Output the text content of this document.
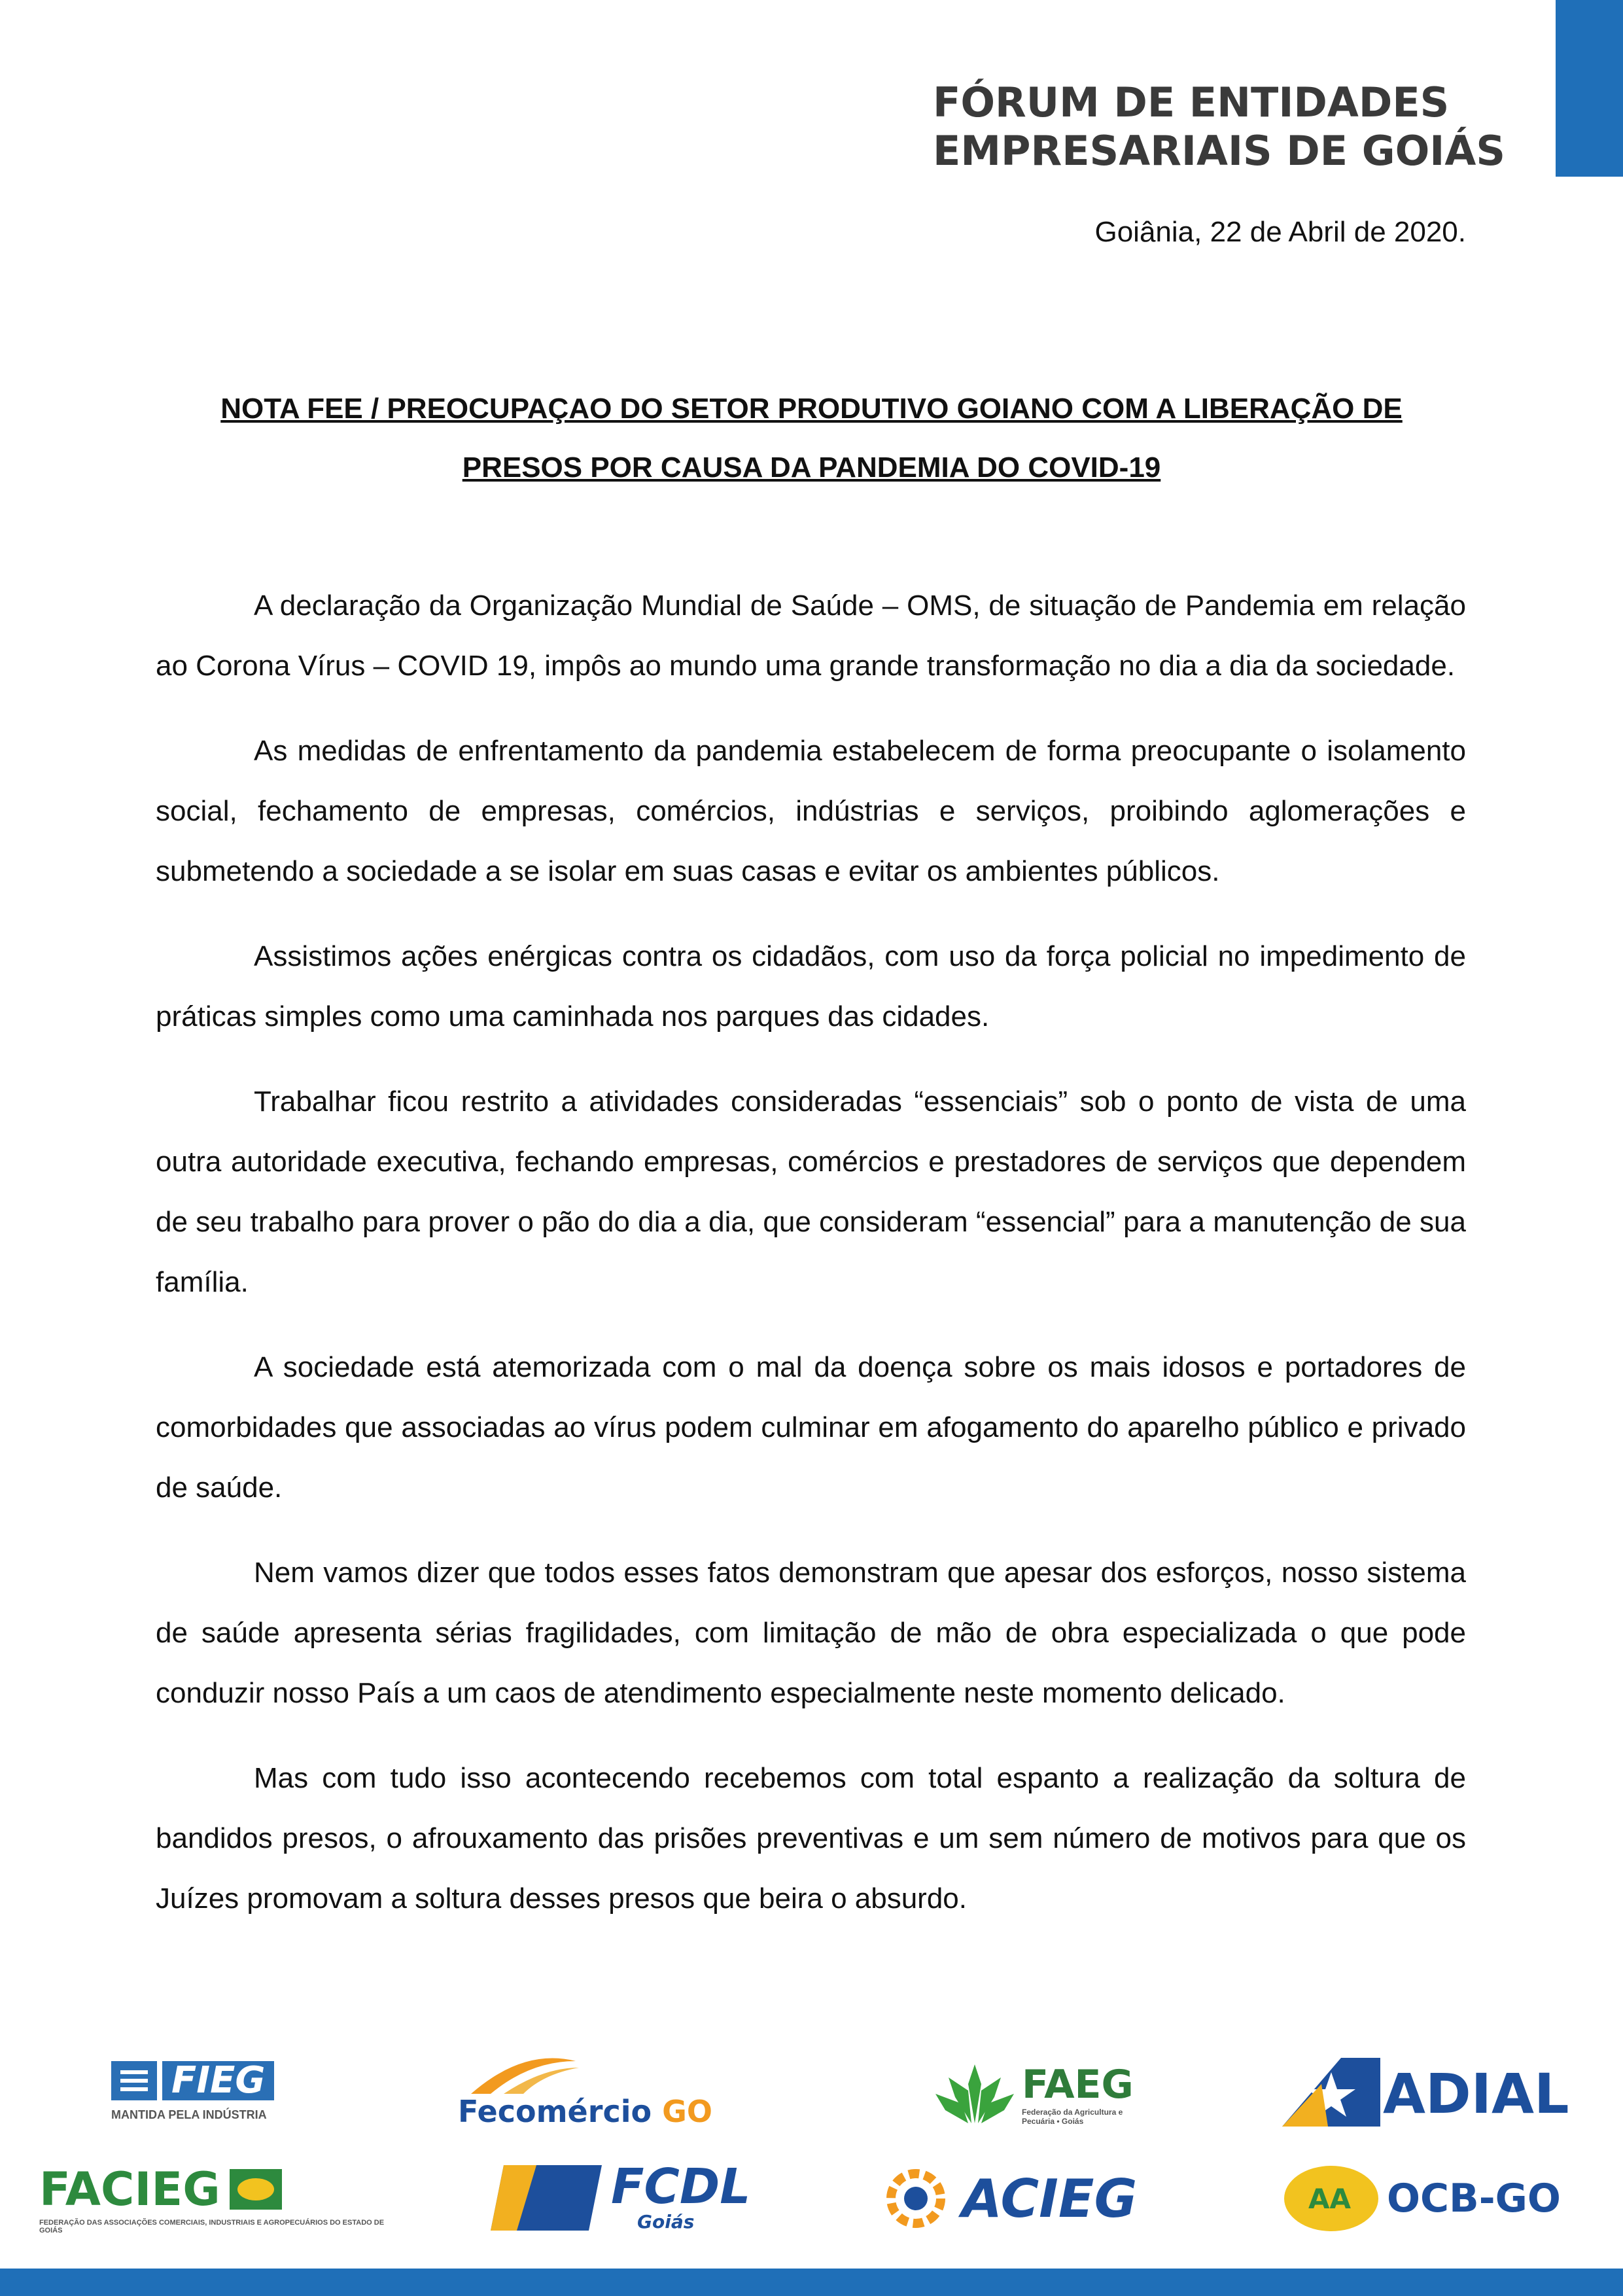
FÓRUM DE ENTIDADES
EMPRESARIAIS DE GOIÁS
Goiânia, 22 de Abril de 2020.
NOTA FEE / PREOCUPAÇAO DO SETOR PRODUTIVO GOIANO COM A LIBERAÇÃO DE PRESOS POR CAUSA DA PANDEMIA DO COVID-19

A declaração da Organização Mundial de Saúde – OMS, de situação de Pandemia em relação ao Corona Vírus – COVID 19, impôs ao mundo uma grande transformação no dia a dia da sociedade.

As medidas de enfrentamento da pandemia estabelecem de forma preocupante o isolamento social, fechamento de empresas, comércios, indústrias e serviços, proibindo aglomerações e submetendo a sociedade a se isolar em suas casas e evitar os ambientes públicos.

Assistimos ações enérgicas contra os cidadãos, com uso da força policial no impedimento de práticas simples como uma caminhada nos parques das cidades.

Trabalhar ficou restrito a atividades consideradas “essenciais” sob o ponto de vista de uma outra autoridade executiva, fechando empresas, comércios e prestadores de serviços que dependem de seu trabalho para prover o pão do dia a dia, que consideram “essencial” para a manutenção de sua família.

A sociedade está atemorizada com o mal da doença sobre os mais idosos e portadores de comorbidades que associadas ao vírus podem culminar em afogamento do aparelho público e privado de saúde.

Nem vamos dizer que todos esses fatos demonstram que apesar dos esforços, nosso sistema de saúde apresenta sérias fragilidades, com limitação de mão de obra especializada o que pode conduzir nosso País a um caos de atendimento especialmente neste momento delicado.

Mas com tudo isso acontecendo recebemos com total espanto a realização da soltura de bandidos presos, o afrouxamento das prisões preventivas e um sem número de motivos para que os Juízes promovam a soltura desses presos que beira o absurdo.

FIEG
MANTIDA PELA INDÚSTRIA	Fecomércio GO
FAEG
Federação da Agricultura e Pecuária • Goiás	ADIAL
FACIEG
FEDERAÇÃO DAS ASSOCIAÇÕES COMERCIAIS, INDUSTRIAIS E AGROPECUÁRIOS DO ESTADO DE GOIÁS
FCDL
Goiás	ACIEG	AA OCB-GO
